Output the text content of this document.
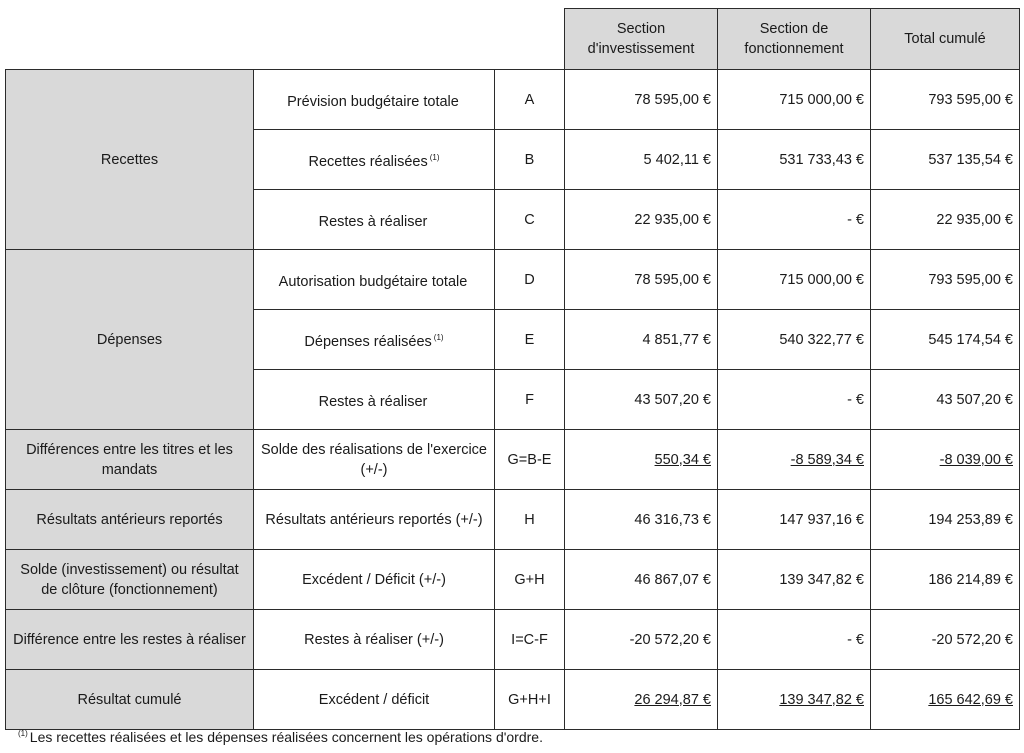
			Section d'investissement	Section de fonctionnement	Total cumulé
Recettes	Prévision budgétaire totale	A	78 595,00 €	715 000,00 €	793 595,00 €
	Recettes réalisées $^{(1)}$	B	5 402,11 €	531 733,43 €	537 135,54 €
	Restes à réaliser	C	22 935,00 €	- €	22 935,00 €
Dépenses	Autorisation budgétaire totale	D	78 595,00 €	715 000,00 €	793 595,00 €
	Dépenses réalisées $^{(1)}$	E	4 851,77 €	540 322,77 €	545 174,54 €
	Restes à réaliser	F	43 507,20 €	- €	43 507,20 €
Différences entre les titres et les mandats	Solde des réalisations de l'exercice (+/-)	G=B-E	550,34 €	-8 589,34 €	-8 039,00 €
Résultats antérieurs reportés	Résultats antérieurs reportés (+/-)	H	46 316,73 €	147 937,16 €	194 253,89 €
Solde (investissement) ou résultat de clôture (fonctionnement)	Excédent / Déficit (+/-)	G+H	46 867,07 €	139 347,82 €	186 214,89 €
Différence entre les restes à réaliser	Restes à réaliser (+/-)	I=C-F	-20 572,20 €	- €	-20 572,20 €
Résultat cumulé	Excédent / déficit	G+H+I	26 294,87 €	139 347,82 €	165 642,69 €
$^{(1)}$ Les recettes réalisées et les dépenses réalisées concernent les opérations d'ordre.
